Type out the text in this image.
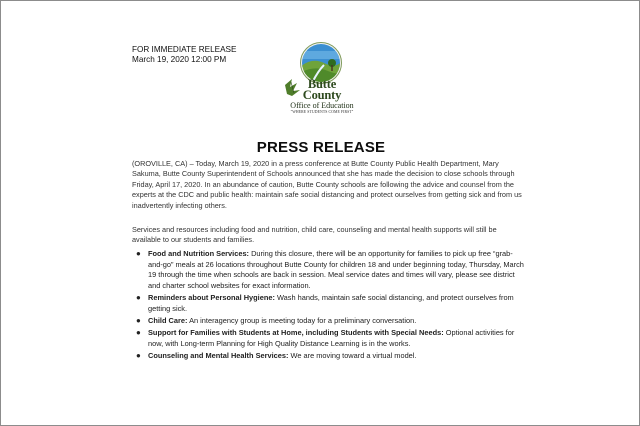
FOR IMMEDIATE RELEASE
March 19, 2020 12:00 PM
Butte
County
Office of Education
"WHERE STUDENTS COME FIRST"
PRESS RELEASE
(OROVILLE, CA) – Today, March 19, 2020 in a press conference at Butte County Public Health Department, Mary Sakuma, Butte County Superintendent of Schools announced that she has made the decision to close schools through Friday, April 17, 2020. In an abundance of caution, Butte County schools are following the advice and counsel from the experts at the CDC and public health: maintain safe social distancing and protect ourselves from getting sick and from us inadvertently infecting others.
Services and resources including food and nutrition, child care, counseling and mental health supports will still be available to our students and families.
● Food and Nutrition Services: During this closure, there will be an opportunity for families to pick up free “grab-and-go” meals at 26 locations throughout Butte County for children 18 and under beginning today, Thursday, March 19 through the time when schools are back in session. Meal service dates and times will vary, please see district and charter school websites for exact information.
● Reminders about Personal Hygiene: Wash hands, maintain safe social distancing, and protect ourselves from getting sick.
● Child Care: An interagency group is meeting today for a preliminary conversation.
● Support for Families with Students at Home, including Students with Special Needs: Optional activities for now, with Long-term Planning for High Quality Distance Learning is in the works.
● Counseling and Mental Health Services: We are moving toward a virtual model.
